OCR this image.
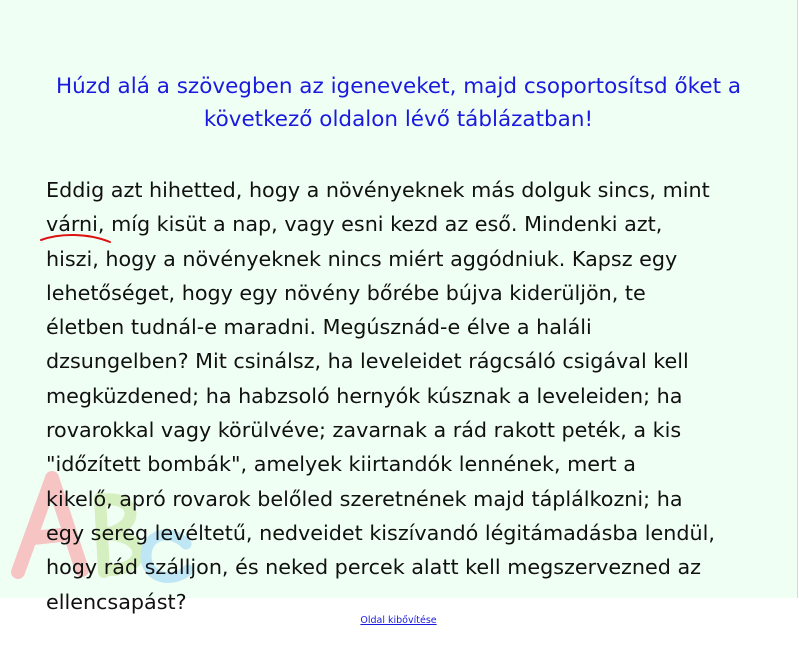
Húzd alá a szövegben az igeneveket, majd csoportosítsd őket a
következő oldalon lévő táblázatban!

Eddig azt hihetted, hogy a növényeknek más dolguk sincs, mint
várni, míg kisüt a nap, vagy esni kezd az eső. Mindenki azt,
hiszi, hogy a növényeknek nincs miért aggódniuk. Kapsz egy
lehetőséget, hogy egy növény bőrébe bújva kiderüljön, te
életben tudnál-e maradni. Megúsznád-e élve a haláli
dzsungelben? Mit csinálsz, ha leveleidet rágcsáló csigával kell
megküzdened; ha habzsoló hernyók kúsznak a leveleiden; ha
rovarokkal vagy körülvéve; zavarnak a rád rakott peték, a kis
"időzített bombák", amelyek kiirtandók lennének, mert a
kikelő, apró rovarok belőled szeretnének majd táplálkozni; ha
egy sereg levéltetű, nedveidet kiszívandó légitámadásba lendül,
hogy rád szálljon, és neked percek alatt kell megszervezned az
ellencsapást?

Oldal kibővítése
